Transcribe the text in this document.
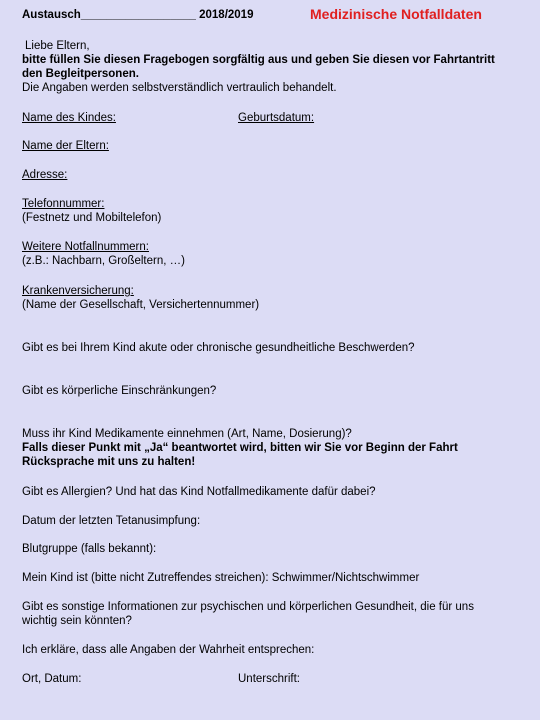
Austausch__________________ 2018/2019	Medizinische Notfalldaten
Liebe Eltern,
bitte füllen Sie diesen Fragebogen sorgfältig aus und geben Sie diesen vor Fahrtantritt
den Begleitpersonen.
Die Angaben werden selbstverständlich vertraulich behandelt.
Name des Kindes:	Geburtsdatum:
Name der Eltern:
Adresse:
Telefonnummer:
(Festnetz und Mobiltelefon)
Weitere Notfallnummern:
(z.B.: Nachbarn, Großeltern, …)
Krankenversicherung:
(Name der Gesellschaft, Versichertennummer)
Gibt es bei Ihrem Kind akute oder chronische gesundheitliche Beschwerden?
Gibt es körperliche Einschränkungen?
Muss ihr Kind Medikamente einnehmen (Art, Name, Dosierung)?
Falls dieser Punkt mit „Ja“ beantwortet wird, bitten wir Sie vor Beginn der Fahrt
Rücksprache mit uns zu halten!
Gibt es Allergien? Und hat das Kind Notfallmedikamente dafür dabei?
Datum der letzten Tetanusimpfung:
Blutgruppe (falls bekannt):
Mein Kind ist (bitte nicht Zutreffendes streichen): Schwimmer/Nichtschwimmer
Gibt es sonstige Informationen zur psychischen und körperlichen Gesundheit, die für uns
wichtig sein könnten?
Ich erkläre, dass alle Angaben der Wahrheit entsprechen:
Ort, Datum:	Unterschrift:
